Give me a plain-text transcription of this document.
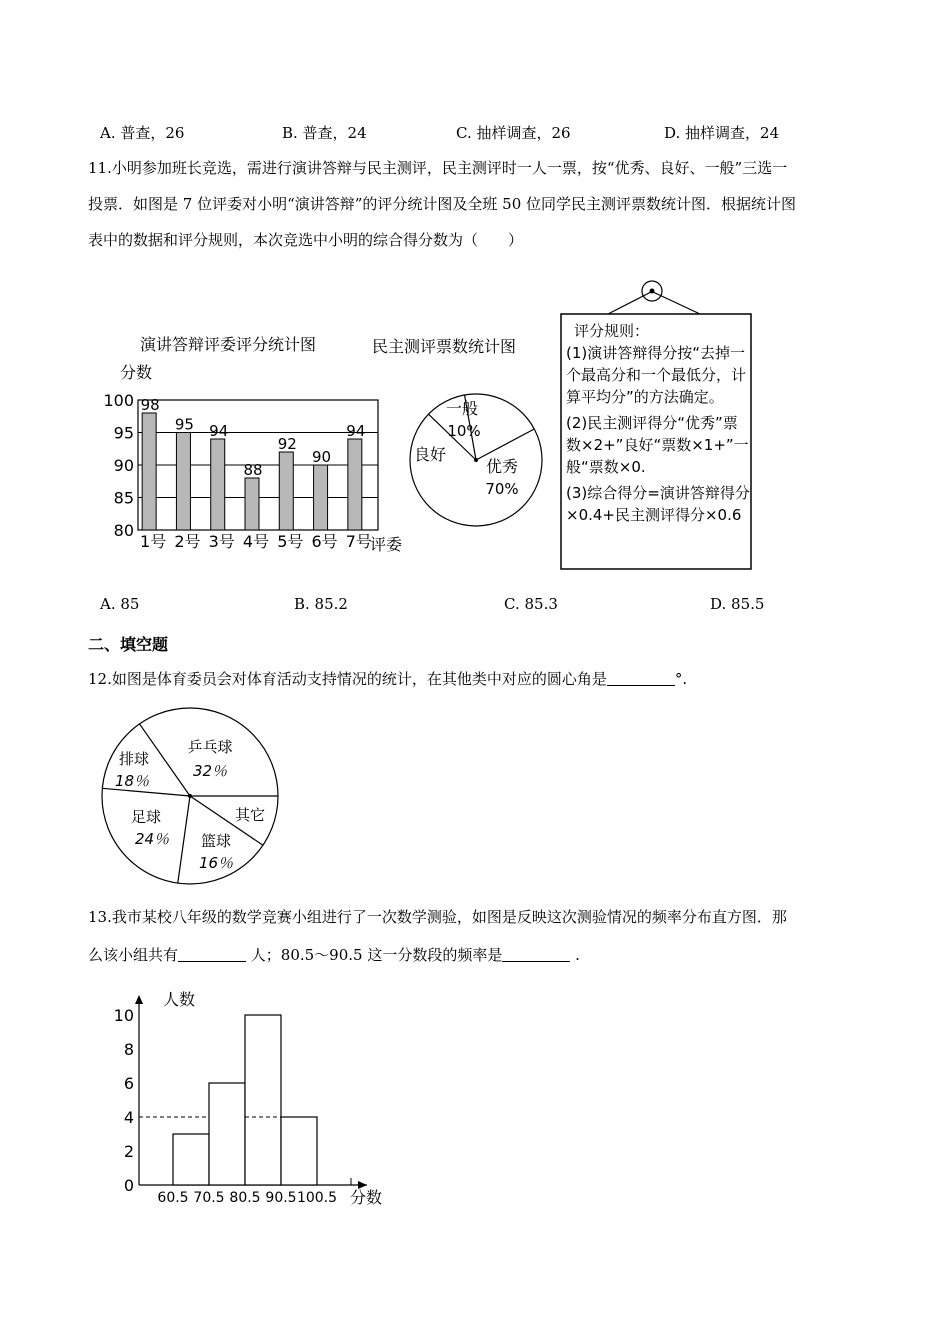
A. 普查，26	B. 普查，24	C. 抽样调查，26	D. 抽样调查，24
11.小明参加班长竞选，需进行演讲答辩与民主测评，民主测评时一人一票，按“优秀、良好、一般”三选一
投票．如图是 7 位评委对小明“演讲答辩”的评分统计图及全班 50 位同学民主测评票数统计图．根据统计图
表中的数据和评分规则，本次竞选中小明的综合得分数为（　　）
演讲答辩评委评分统计图
分数
80
85
90
95
100 98
1号
95
2号
94
3号
88
4号
92
5号
90
6号
94
7号
评委
民主测评票数统计图
优秀
70%
良好
一般
10%
评分规则：
(1)演讲答辩得分按“去掉一个最高分和一个最低分，计算平均分”的方法确定。
(2)民主测评得分“优秀”票数×2+”良好“票数×1+”一般“票数×0.
(3)综合得分=演讲答辩得分×0.4+民主测评得分×0.6
A. 85	B. 85.2	C. 85.3	D. 85.5
二、填空题
12.如图是体育委员会对体育活动支持情况的统计，在其他类中对应的圆心角是	°.
乒乓球
32％
其它
篮球
16％
足球
24％
排球
18％
13.我市某校八年级的数学竞赛小组进行了一次数学测验，如图是反映这次测验情况的频率分布直方图．那
么该小组共有	人；80.5～90.5 这一分数段的频率是	.
人数
分数
0
2
4
6
8
10
60.5 70.5 80.5 90.5 100.5
